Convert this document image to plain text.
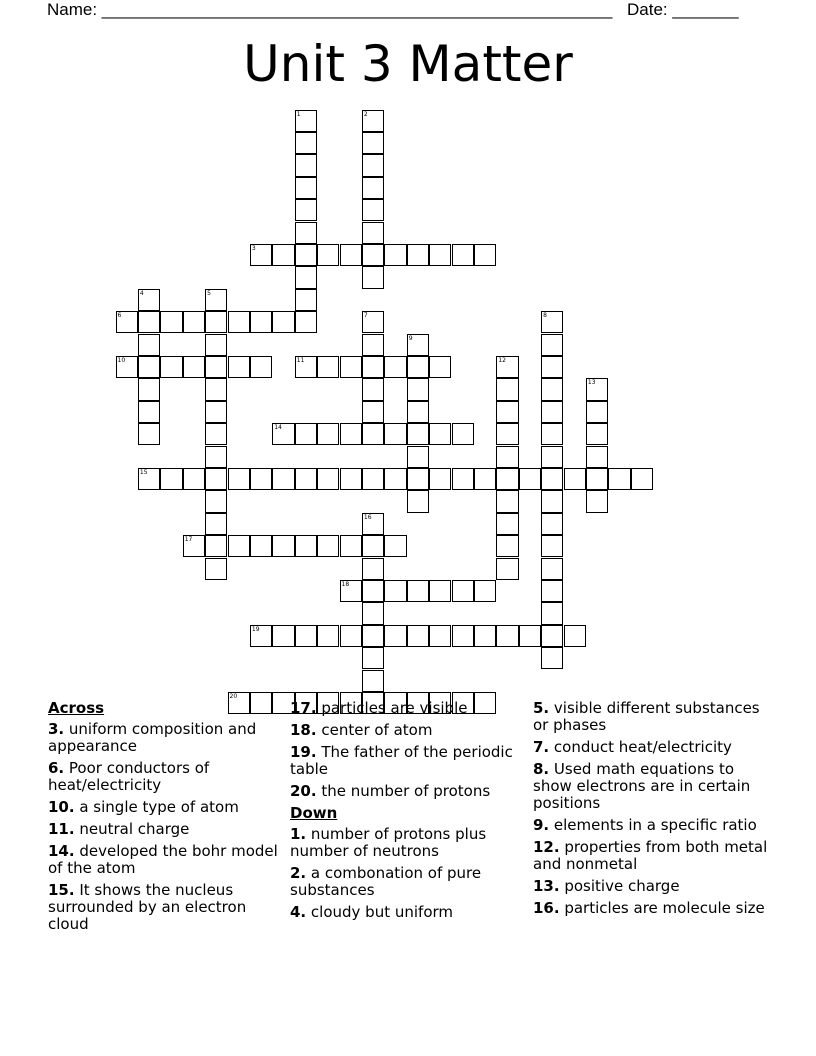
Name: ______________________________________________________ Date: _______
Unit 3 Matter
1	2
3
4	5
6	7	8
9
10	11	12
13
14
15
16
17
18
19
20
Across
3. uniform composition and appearance
6. Poor conductors of heat/electricity
10. a single type of atom
11. neutral charge
14. developed the bohr model of the atom
15. It shows the nucleus surrounded by an electron cloud
17. particles are visible
18. center of atom
19. The father of the periodic table
20. the number of protons
Down
1. number of protons plus number of neutrons
2. a combonation of pure substances
4. cloudy but uniform
5. visible different substances or phases
7. conduct heat/electricity
8. Used math equations to show electrons are in certain positions
9. elements in a specific ratio
12. properties from both metal and nonmetal
13. positive charge
16. particles are molecule size
